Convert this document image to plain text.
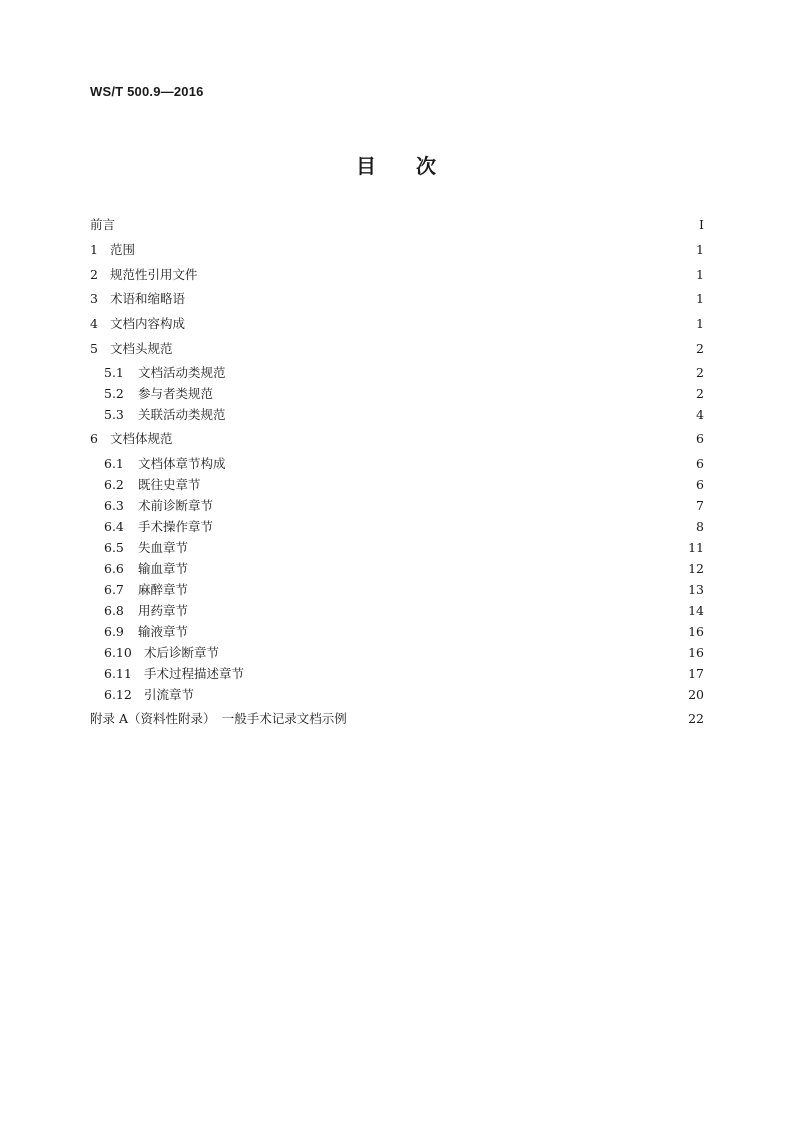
WS/T 500.9—2016
目 次
前言	I
1 范围	1
2 规范性引用文件	1
3 术语和缩略语	1
4 文档内容构成	1
5 文档头规范	2
5.1	文档活动类规范	2
5.2	参与者类规范	2
5.3	关联活动类规范	4
6 文档体规范	6
6.1	文档体章节构成	6
6.2	既往史章节	6
6.3	术前诊断章节	7
6.4	手术操作章节	8
6.5	失血章节	11
6.6	输血章节	12
6.7	麻醉章节	13
6.8	用药章节	14
6.9	输液章节	16
6.10 术后诊断章节	16
6.11 手术过程描述章节	17
6.12 引流章节	20
附录 A（资料性附录）　一般手术记录文档示例	22
